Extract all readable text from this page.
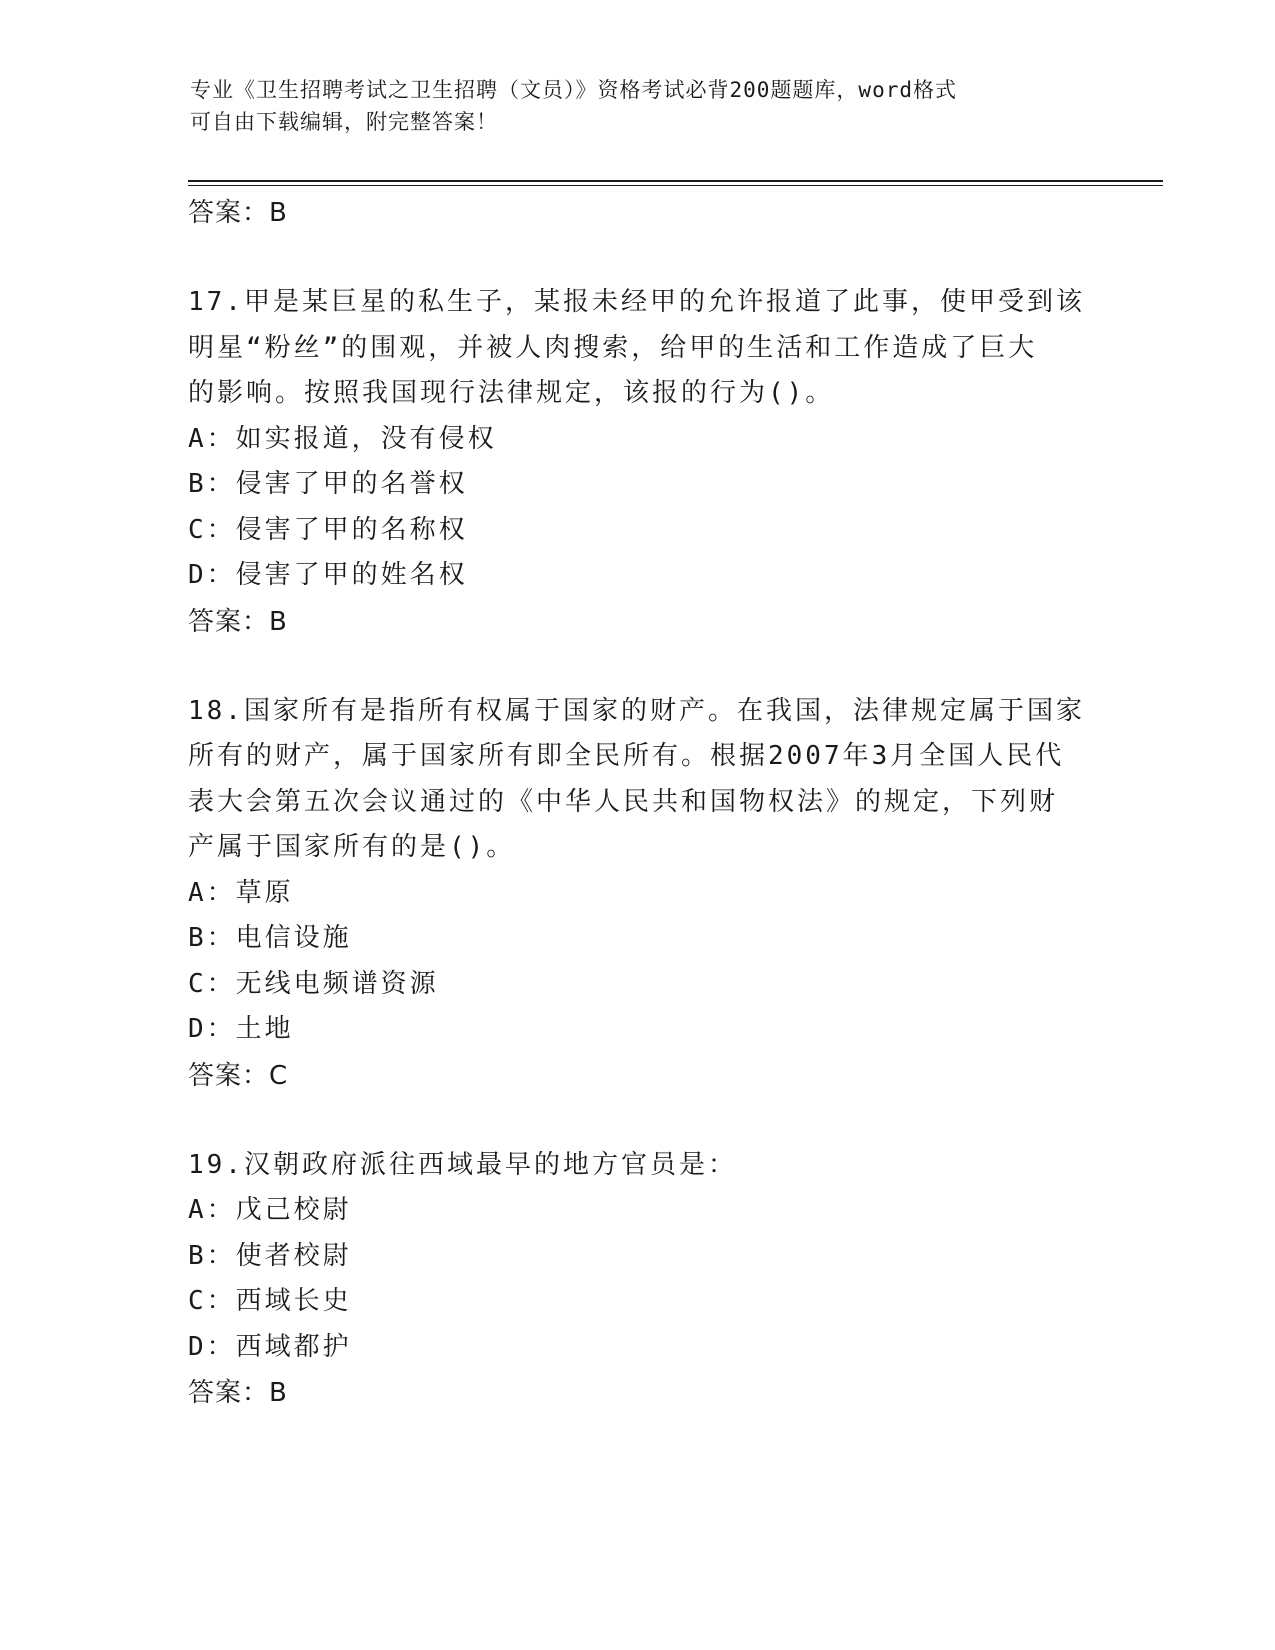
专业《卫生招聘考试之卫生招聘（文员）》资格考试必背200题题库，word格式
可自由下载编辑，附完整答案！
答案：B
17.甲是某巨星的私生子，某报未经甲的允许报道了此事，使甲受到该
明星“粉丝”的围观，并被人肉搜索，给甲的生活和工作造成了巨大
的影响。按照我国现行法律规定，该报的行为()。
A：如实报道，没有侵权
B：侵害了甲的名誉权
C：侵害了甲的名称权
D：侵害了甲的姓名权
答案：B
18.国家所有是指所有权属于国家的财产。在我国，法律规定属于国家
所有的财产，属于国家所有即全民所有。根据2007年3月全国人民代
表大会第五次会议通过的《中华人民共和国物权法》的规定，下列财
产属于国家所有的是()。
A：草原
B：电信设施
C：无线电频谱资源
D：土地
答案：C
19.汉朝政府派往西域最早的地方官员是：
A：戊己校尉
B：使者校尉
C：西域长史
D：西域都护
答案：B
